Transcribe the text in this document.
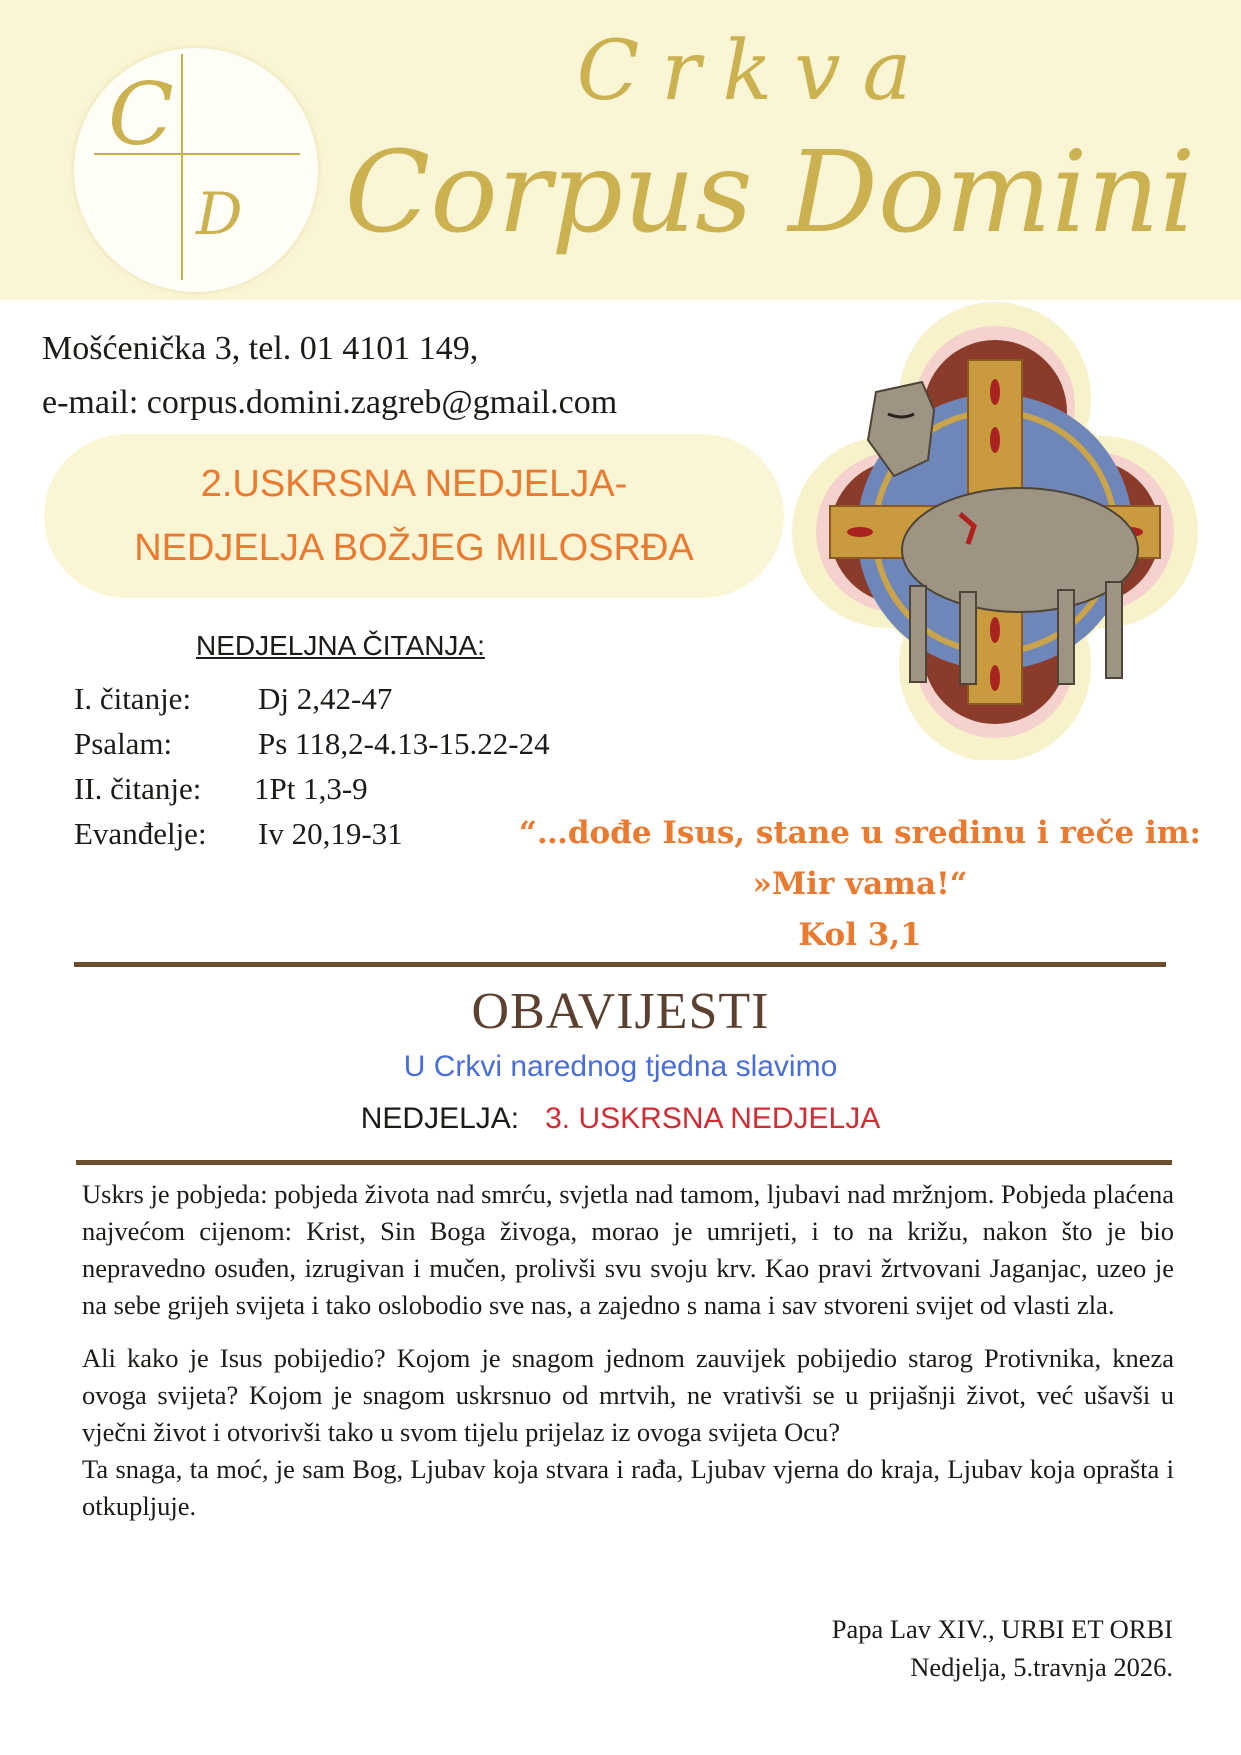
C
D
Crkva
Corpus Domini
Mošćenička 3, tel. 01 4101 149,
e-mail: corpus.domini.zagreb@gmail.com
2.USKRSNA NEDJELJA-
NEDJELJA BOŽJEG MILOSRĐA
NEDJELJNA ČITANJA:
I. čitanje: Dj 2,42-47
Psalam:	Ps 118,2-4.13-15.22-24
II. čitanje: 1Pt 1,3-9
Evanđelje: Iv 20,19-31	“…dođe Isus, stane u sredinu i reče im:
»Mir vama!“
Kol 3,1
OBAVIJESTI
U Crkvi narednog tjedna slavimo
NEDJELJA: 3. USKRSNA NEDJELJA

Uskrs je pobjeda: pobjeda života nad smrću, svjetla nad tamom, ljubavi nad mržnjom. Pobjeda plaćena najvećom cijenom: Krist, Sin Boga živoga, morao je umrijeti, i to na križu, nakon što je bio nepravedno osuđen, izrugivan i mučen, prolivši svu svoju krv. Kao pravi žrtvovani Jaganjac, uzeo je na sebe grijeh svijeta i tako oslobodio sve nas, a zajedno s nama i sav stvoreni svijet od vlasti zla.

Ali kako je Isus pobijedio? Kojom je snagom jednom zauvijek pobijedio starog Protivnika, kneza ovoga svijeta? Kojom je snagom uskrsnuo od mrtvih, ne vrativši se u prijašnji život, već ušavši u vječni život i otvorivši tako u svom tijelu prijelaz iz ovoga svijeta Ocu?

Ta snaga, ta moć, je sam Bog, Ljubav koja stvara i rađa, Ljubav vjerna do kraja, Ljubav koja oprašta i otkupljuje.

Papa Lav XIV., URBI ET ORBI
Nedjelja, 5.travnja 2026.
